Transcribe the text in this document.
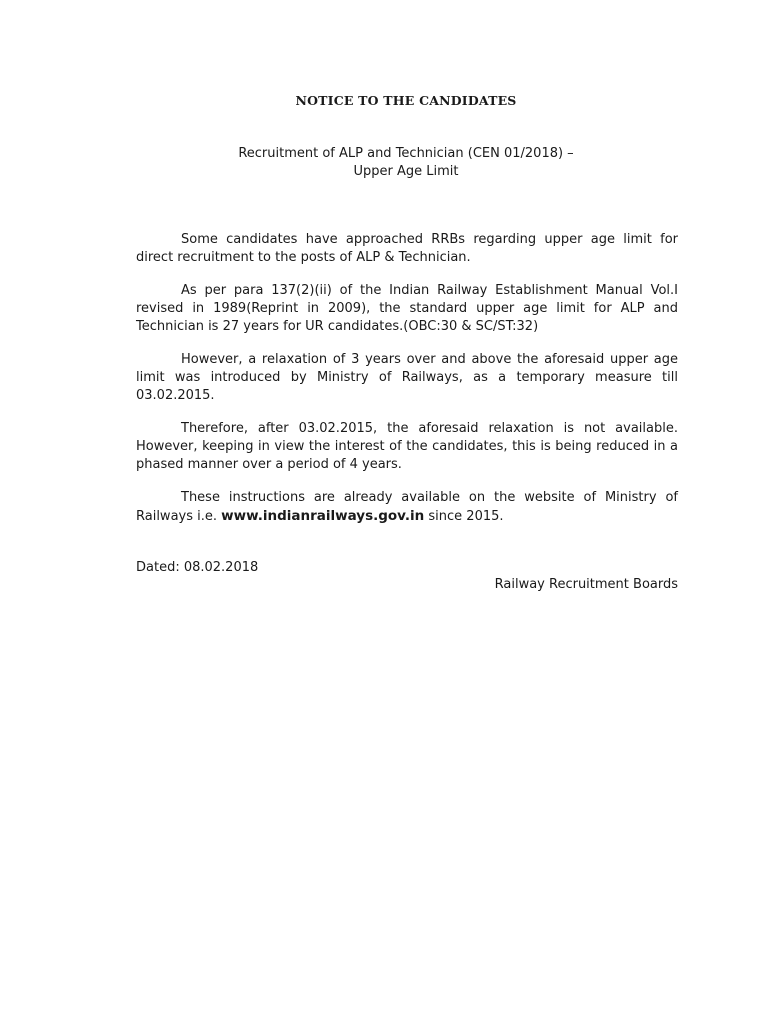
NOTICE TO THE CANDIDATES
Recruitment of ALP and Technician (CEN 01/2018) –
Upper Age Limit

Some candidates have approached RRBs regarding upper age limit for direct recruitment to the posts of ALP & Technician.

As per para 137(2)(ii) of the Indian Railway Establishment Manual Vol.I revised in 1989(Reprint in 2009), the standard upper age limit for ALP and Technician is 27 years for UR candidates.(OBC:30 & SC/ST:32)

However, a relaxation of 3 years over and above the aforesaid upper age limit was introduced by Ministry of Railways, as a temporary measure till 03.02.2015.

Therefore, after 03.02.2015, the aforesaid relaxation is not available. However, keeping in view the interest of the candidates, this is being reduced in a phased manner over a period of 4 years.

These instructions are already available on the website of Ministry of Railways i.e. www.indianrailways.gov.in since 2015.

Dated: 08.02.2018
Railway Recruitment Boards
